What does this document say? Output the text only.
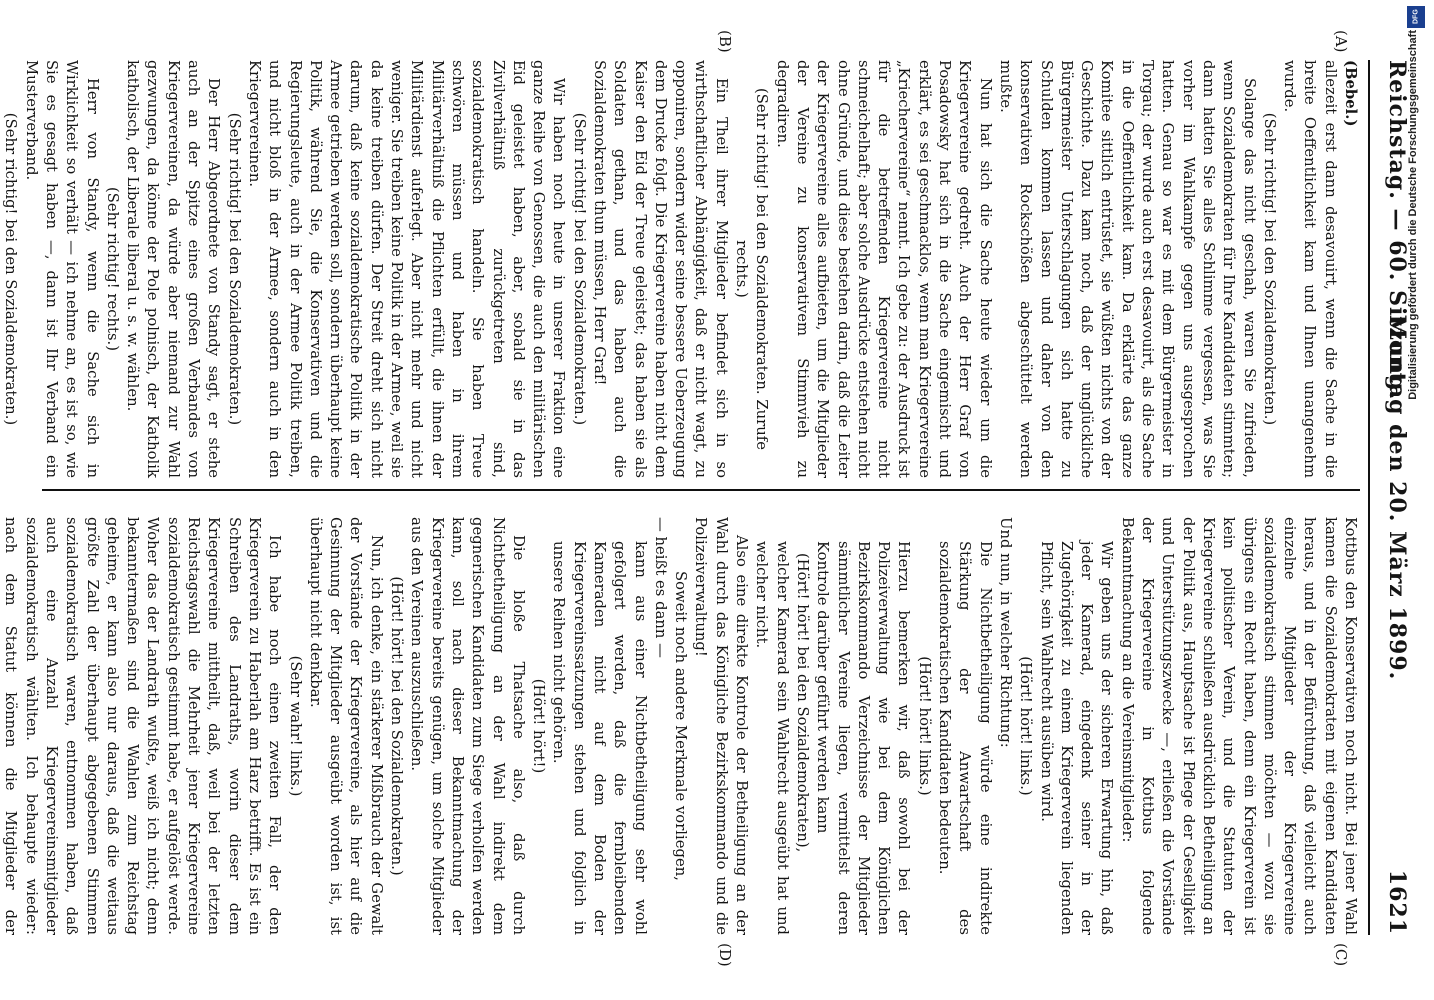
Reichstag. — 60. Sitzung.
Montag den 20. März 1899.
1621
(A)
(B)
(C)
(D)

(Bebel.)

allezeit erst dann desavouirt, wenn die Sache in die breite Oeffentlichkeit kam und Ihnen unangenehm wurde.

(Sehr richtig! bei den Sozialdemokraten.)

Solange das nicht geschah, waren Sie zufrieden, wenn Sozialdemokraten für Ihre Kandidaten stimmten; dann hatten Sie alles Schlimme vergessen, was Sie vorher im Wahlkampfe gegen uns ausgesprochen hatten. Genau so war es mit dem Bürgermeister in Torgau; der wurde auch erst desavouirt, als die Sache in die Oeffentlichkeit kam. Da erklärte das ganze Komitee sittlich entrüstet, sie wüßten nichts von der Geschichte. Dazu kam noch, daß der unglückliche Bürgermeister Unterschlagungen sich hatte zu Schulden kommen lassen und daher von den konservativen Rockschößen abgeschüttelt werden mußte.

Nun hat sich die Sache heute wieder um die Kriegervereine gedreht. Auch der Herr Graf von Posadowsky hat sich in die Sache eingemischt und erklärt, es sei geschmacklos, wenn man Kriegervereine „Kriechervereine“ nennt. Ich gebe zu: der Ausdruck ist für die betreffenden Kriegervereine nicht schmeichelhaft; aber solche Ausdrücke entstehen nicht ohne Gründe, und diese bestehen darin, daß die Leiter der Kriegervereine alles aufbieten, um die Mitglieder der Vereine zu konservativem Stimmvieh zu degradiren.

(Sehr richtig! bei den Sozialdemokraten. Zurufe rechts.)

Ein Theil ihrer Mitglieder befindet sich in so wirthschaftlicher Abhängigkeit, daß er nicht wagt, zu opponiren, sondern wider seine bessere Ueberzeugung dem Drucke folgt. Die Kriegervereine haben nicht dem Kaiser den Eid der Treue geleistet; das haben sie als Soldaten gethan, und das haben auch die Sozialdemokraten thun müssen, Herr Graf!

(Sehr richtig! bei den Sozialdemokraten.)

Wir haben noch heute in unserer Fraktion eine ganze Reihe von Genossen, die auch den militärischen Eid geleistet haben, aber, sobald sie in das Zivilverhältniß zurückgetreten sind, sozialdemokratisch handeln. Sie haben Treue schwören müssen und haben in ihrem Militärverhältniß die Pflichten erfüllt, die ihnen der Militärdienst auferlegt. Aber nicht mehr und nicht weniger. Sie treiben keine Politik in der Armee, weil sie da keine treiben dürfen. Der Streit dreht sich nicht darum, daß keine sozialdemokratische Politik in der Armee getrieben werden soll, sondern überhaupt keine Politik, während Sie, die Konservativen und die Regierungsleute, auch in der Armee Politik treiben, und nicht bloß in der Armee, sondern auch in den Kriegervereinen.

(Sehr richtig! bei den Sozialdemokraten.)

Der Herr Abgeordnete von Standy sagt, er stehe auch an der Spitze eines großen Verbandes von Kriegervereinen, da würde aber niemand zur Wahl gezwungen, da könne der Pole polnisch, der Katholik katholisch, der Liberale liberal u. s. w. wählen.

(Sehr richtig! rechts.)

Herr von Standy, wenn die Sache sich in Wirklichkeit so verhält — ich nehme an, es ist so, wie Sie es gesagt haben —, dann ist Ihr Verband ein Musterverband.

(Sehr richtig! bei den Sozialdemokraten.)

Kottbus den Konservativen noch nicht. Bei jener Wahl kamen die Sozialdemokraten mit eigenen Kandidaten heraus, und in der Befürchtung, daß vielleicht auch einzelne Mitglieder der Kriegervereine sozialdemokratisch stimmen möchten — wozu sie übrigens ein Recht haben, denn ein Kriegerverein ist kein politischer Verein, und die Statuten der Kriegervereine schließen ausdrücklich Betheiligung an der Politik aus, Hauptsache ist Pflege der Geselligkeit und Unterstützungszwecke —, erließen die Vorstände der Kriegervereine in Kottbus folgende Bekanntmachung an die Vereinsmitglieder:

Wir geben uns der sicheren Erwartung hin, daß jeder Kamerad, eingedenk seiner in der Zugehörigkeit zu einem Kriegerverein liegenden Pflicht, sein Wahlrecht ausüben wird.

(Hört! hört! links.)

Und nun, in welcher Richtung:

Die Nichtbetheiligung würde eine indirekte Stärkung der Anwartschaft des sozialdemokratischen Kandidaten bedeuten.

(Hört! hört! links.)

Hierzu bemerken wir, daß sowohl bei der Polizeiverwaltung wie bei dem Königlichen Bezirkskommando Verzeichnisse der Mitglieder sämmtlicher Vereine liegen, vermittelst deren Kontrole darüber geführt werden kann

(Hört! hört! bei den Sozialdemokraten),

welcher Kamerad sein Wahlrecht ausgeübt hat und welcher nicht.

Also eine direkte Kontrole der Betheiligung an der Wahl durch das Königliche Bezirkskommando und die Polizeiverwaltung!

Soweit noch andere Merkmale vorliegen,

— heißt es dann —

kann aus einer Nichtbetheiligung sehr wohl gefolgert werden, daß die fernbleibenden Kameraden nicht auf dem Boden der Kriegervereinssatzungen stehen und folglich in unsere Reihen nicht gehören.

(Hört! hört!)

Die bloße Thatsache also, daß durch Nichtbetheiligung an der Wahl indirekt dem gegnerischen Kandidaten zum Siege verholfen werden kann, soll nach dieser Bekanntmachung der Kriegervereine bereits genügen, um solche Mitglieder aus den Vereinen auszuschließen.

(Hört! hört! bei den Sozialdemokraten.)

Nun, ich denke, ein stärkerer Mißbrauch der Gewalt der Vorstände der Kriegervereine, als hier auf die Gesinnung der Mitglieder ausgeübt worden ist, ist überhaupt nicht denkbar.

(Sehr wahr! links.)

Ich habe noch einen zweiten Fall, der den Kriegerverein zu Haberlah am Harz betrifft. Es ist ein Schreiben des Landraths, worin dieser dem Kriegervereine mittheilt, daß, weil bei der letzten Reichstagswahl die Mehrheit jener Kriegervereine sozialdemokratisch gestimmt habe, er aufgelöst werde. Woher das der Landrath wußte, weiß ich nicht; denn bekanntermaßen sind die Wahlen zum Reichstag geheime, er kann also nur daraus, daß die weitaus größte Zahl der überhaupt abgegebenen Stimmen sozialdemokratisch waren, entnommen haben, daß auch eine Anzahl Kriegervereinsmitglieder sozialdemokratisch wählten. Ich behaupte wieder: nach dem Statut können die Mitglieder der

DFG
Digitalisierung gefördert durch die Deutsche Forschungsgemeinschaft
